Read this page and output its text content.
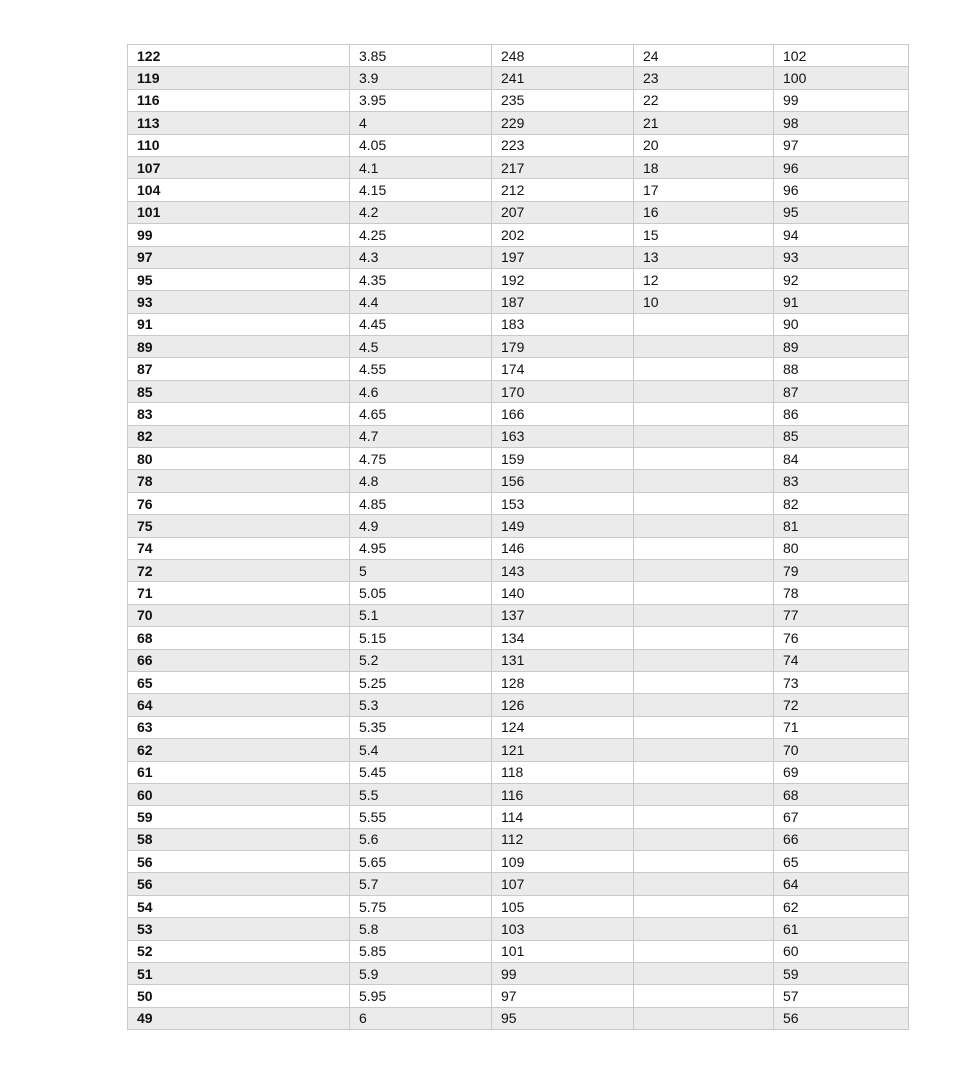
122	3.85	248	24	102
119	3.9	241	23	100
116	3.95	235	22	99
113	4	229	21	98
110	4.05	223	20	97
107	4.1	217	18	96
104	4.15	212	17	96
101	4.2	207	16	95
99	4.25	202	15	94
97	4.3	197	13	93
95	4.35	192	12	92
93	4.4	187	10	91
91	4.45	183		90
89	4.5	179		89
87	4.55	174		88
85	4.6	170		87
83	4.65	166		86
82	4.7	163		85
80	4.75	159		84
78	4.8	156		83
76	4.85	153		82
75	4.9	149		81
74	4.95	146		80
72	5	143		79
71	5.05	140		78
70	5.1	137		77
68	5.15	134		76
66	5.2	131		74
65	5.25	128		73
64	5.3	126		72
63	5.35	124		71
62	5.4	121		70
61	5.45	118		69
60	5.5	116		68
59	5.55	114		67
58	5.6	112		66
56	5.65	109		65
56	5.7	107		64
54	5.75	105		62
53	5.8	103		61
52	5.85	101		60
51	5.9	99		59
50	5.95	97		57
49	6	95		56
